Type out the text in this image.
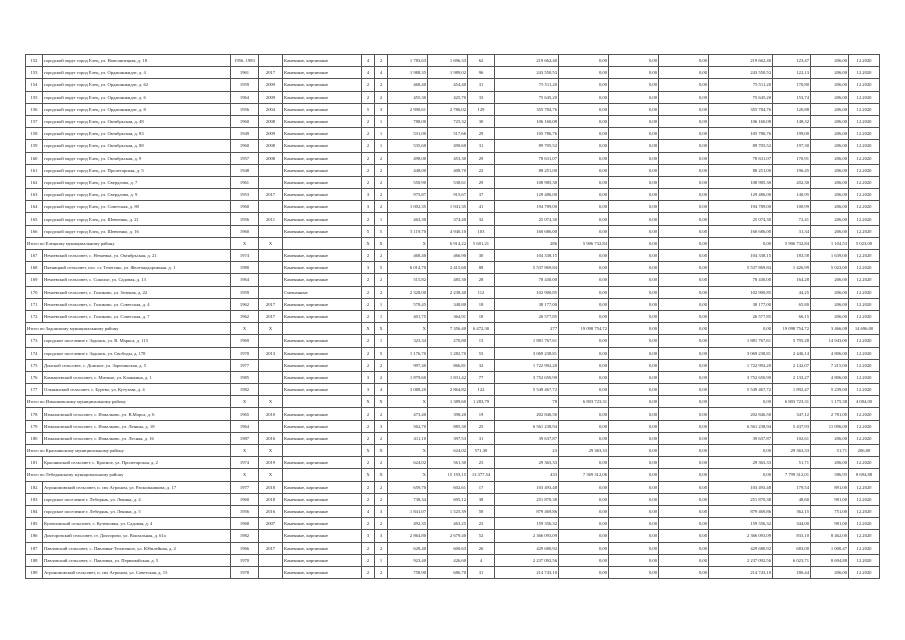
152	городской округ город Елец, ул. Новолипецкая, д. 18	1956, 1983		Каменные, кирпичные	4	2	1 783,63	1 696,33	62	219 662,40	0,00	0,00	0,00	219 662,40	123,47	206,00	12.2020	
153	городской округ город Елец, ул. Орджоникидзе, д. 4	1961	2017	Каменные, кирпичные	4	4	1 988,35	1 989,02	96	243 550,53	0,00	0,00	0,00	243 550,53	122,13	206,00	12.2020	
154	городской округ город Елец, ул. Орджоникидзе, д. 62	1959	2009	Каменные, кирпичные	2	2	468,40	454,40	31	75 511,20	0,00	0,00	0,00	75 511,20	170,80	206,00	12.2020	
155	городской округ город Елец, ул. Орджоникидзе, д. 6	1964	2009	Каменные, кирпичные	2	2	455,30	425,70	33	75 645,20	0,00	0,00	0,00	75 645,20	153,74	206,00	12.2020	
156	городской округ город Елец, ул. Орджоникидзе, д. 8	1956	2004	Каменные, кирпичные	5	3	2 990,61	2 786,02	129	355 784,76	0,00	0,00	0,00	355 784,76	120,88	206,00	12.2020	
157	городской округ город Елец, ул. Октябрьская, д. 48	1960	2008	Каменные, кирпичные	2	1	788,00	725,32	30	106 160,08	0,00	0,00	0,00	106 160,08	148,32	206,00	12.2020	
158	городской округ город Елец, ул. Октябрьская, д. 83	1949	2009	Каменные, кирпичные	2	1	531,00	517,66	29	105 786,76	0,00	0,00	0,00	105 786,76	199,00	206,00	12.2020	
159	городской округ город Елец, ул. Октябрьская, д. 88	1960	2008	Каменные, кирпичные	2	1	535,60	490,60	31	89 705,52	0,00	0,00	0,00	89 705,52	197,30	206,00	12.2020	
160	городской округ город Елец, ул. Октябрьская, д. 9	1957	2008	Каменные, кирпичные	2	2	498,00	453,30	29	78 631,07	0,00	0,00	0,00	78 631,07	170,91	206,00	12.2020	
161	городской округ город Елец, ул. Пролетарская, д. 5	1948		Каменные, кирпичные	2	2	448,00	408,70	22	88 251,00	0,00	0,00	0,00	88 251,00	196,45	206,00	12.2020	
162	городской округ город Елец, ул. Свердлова, д. 7	1961		Каменные, кирпичные	2	2	550,90	538,61	29	108 985,30	0,00	0,00	0,00	108 985,30	202,30	206,00	12.2020	
163	городской округ город Елец, ул. Свердлова, д. 9	1953	2017	Каменные, кирпичные	3	2	975,87	915,67	37	129 486,00	0,00	0,00	0,00	129 486,00	140,95	206,00	12.2020	
164	городской округ город Елец, ул. Советская, д. 80	1960		Каменные, кирпичные	3	2	1 002,35	1 941,35	41	194 789,00	0,00	0,00	0,00	194 789,00	100,99	206,00	12.2020	
165	городской округ город Елец, ул. Шевченко, д. 21	1956	2011	Каменные, кирпичные	2	1	463,30	374,40	32	25 074,30	0,00	0,00	0,00	25 074,30	72,41	206,00	12.2020	
166	городской округ город Елец, ул. Шевченко, д. 16	1960		Каменные, кирпичные	5	5	5 119,70	4 940,10	103	160 686,00	0,00	0,00	0,00	160 686,00	31,34	206,00	12.2020	
Итого по Елецкому муниципальному району		X	X		X	X	X	6 914,22	5 601,21	286	5 906 732,84	0,00	0,00	0,00	5 906 732,84	1 104,53	5 023,00	
167	Нечаевский сельсовет, с. Нечаевка, ул. Октябрьская, д. 21	1974		Каменные, кирпичные	2	2	468,40	466,90	30	104 338,15	0,00	0,00	0,00	104 338,15	183,58	1 639,00	12.2020	
168	Пятницкий сельсовет, пос. ст. Телегино, ул. Железнодорожная, д. 1	1980		Каменные, кирпичные	3	5	6 014,70	2 415,60	88	5 537 869,84	0,00	0,00	0,00	5 537 869,84	1 426,99	5 023,00	12.2020	
169	Нечаевский сельсовет, с. Соколье, ул. Садовая, д. 13	1964		Каменные, кирпичные	2	2	515,82	485,30	28	78 430,00	0,00	0,00	0,00	78 430,00	164,28	206,00	12.2020	
170	Нечаевский сельсовет, с. Голиково, ул. Зеленая, д. 22	1959		Смешанные	2	2	2 328,00	2 238,40	112	102 900,85	0,00	0,00	0,00	102 900,85	44,25	206,00	12.2020	
171	Нечаевский сельсовет, с. Голиково, ул. Советская, д. 4	1962	2017	Каменные, кирпичные	2	1	578,45	348,80	18	38 177,00	0,00	0,00	0,00	38 177,00	65,80	206,00	12.2020	
172	Нечаевский сельсовет, с. Голиково, ул. Советская, д. 7	1962	2017	Каменные, кирпичные	2	1	401,75	364,91	18	26 577,85	0,00	0,00	0,00	26 577,85	66,15	206,00	12.2020	
Итого по Задонскому муниципальному району		X	X		X	X	X	7 356,40	6 472,30	277	19 098 754,72	0,00	0,00	0,00	19 098 754,72	3 466,08	14 696,00	
173	городское поселение г. Задонск, ул. В. Маркса, д. 113	1969		Каменные, кирпичные	2	1	323,34	270,80	13	1 881 767,61	0,00	0,00	0,00	1 881 767,61	5 795,28	14 943,00	12.2020	
174	городское поселение г. Задонск, ул. Свободы, д. 178	1970	2013	Каменные, кирпичные	2	5	1 176,70	1 282,70	53	3 069 238,81	0,00	0,00	0,00	3 069 238,81	2 446,14	4 806,00	12.2020	
175	Донской сельсовет, с. Донское, ул. Зарочинская, д. 5	1977		Каменные, кирпичные	2	2	997,40	866,81	32	1 722 992,20	0,00	0,00	0,00	1 722 992,20	2 142,07	7 215,00	12.2020	
176	Камышевский сельсовет, с. Митино, ул. Клинкина, д. 1	1985		Каменные, кирпичные	3	2	1 879,60	1 831,42	77	3 752 650,90	0,00	0,00	0,00	3 752 650,90	2 133,27	4 806,00	12.2020	
177	Ольшанский сельсовет, с. Бурево, ул. Кутузова, д. 4	1982		Каменные, кирпичные	3	4	3 088,20	2 864,82	122	5 549 467,72	0,00	0,00	0,00	5 549 467,72	1 892,47	5 239,00	12.2020	
Итого по Измалковскому муниципальному району		X	X		X	X	X	1 389,60	1 283,79	78	6 803 723,31	0,00	0,00	0,00	6 803 723,31	1 175,38	4 004,00	
178	Измалковский сельсовет, с. Измалково, ул. В.Марса, д. 6	1965	2010	Каменные, кирпичные	2	2	473,40	398,20	19	202 846,50	0,00	0,00	0,00	202 846,50	347,12	2 781,00	12.2020	
179	Измалковский сельсовет, с. Измалково, ул. Ленина, д. 18	1964		Каменные, кирпичные	2	3	562,70	885,30	25	6 561 238,94	0,00	0,00	0,00	6 561 238,94	5 437,93	11 096,00	12.2020	
180	Измалковский сельсовет, с. Измалково, ул. Лесная, д. 16	1987	2016	Каменные, кирпичные	2	2	411,10	397,53	31	39 637,87	0,00	0,00	0,00	39 637,87	102,61	206,00	12.2020	
Итого по Краснинскому муниципальному району		X	X		X	X	X	624,02	571,30	23	29 363,33	0,00	0,00	0,00	29 363,33	51,71	206,00	
181	Краснинский сельсовет, с. Красное, ул. Пролетарская, д. 2	1974	2019	Каменные, кирпичные	2	2	624,02	561,30	23	29 363,33	0,00	0,00	0,00	29 363,33	51,71	206,00	12.2020	
Итого по Лебедянскому муниципальному району		X	X		X	X	X	15 193,15	13 377,54	433	7 369 312,06	0,00	0,00	0,00	7 799 312,01	586,95	8 694,88	
182	Агрономовский сельсовет, п. свх Агроном, ул. Раскольникова, д. 17	1977	2018	Каменные, кирпичные	2	2	659,70	602,61	17	103 493,48	0,00	0,00	0,00	103 493,48	179,54	891,00	12.2020	
183	городское поселение г. Лебедянь, ул. Ленина, д. 4	1960	2018	Каменные, кирпичные	2	2	738,34	695,12	38	251 870,38	0,00	0,00	0,00	251 870,38	48,60	981,00	12.2020	
184	городское поселение г. Лебедянь, ул. Ленина, д. 5	1956	2016	Каменные, кирпичные	4	3	1 841,07	1 525,39	58	879 469,86	0,00	0,00	0,00	879 469,86	362,15	751,00	12.2020	
185	Кулешовский сельсовет, с. Кулешовка, ул. Садовая, д. 4	1968	2007	Каменные, кирпичные	2	2	492,35	463,25	23	159 356,32	0,00	0,00	0,00	159 356,32	344,00	981,00	12.2020	
186	Докторовский сельсовет, ст. Докторово, ул. Вокзальная, д. 61а	1982		Каменные, кирпичные	3	3	2 864,80	2 679,40	52	2 366 093,09	0,00	0,00	0,00	2 366 093,09	833,10	8 462,00	12.2020	
187	Павловский сельсовет, с. Павловка-Тепличное, ул. Юбилейная, д. 2	1966	2017	Каменные, кирпичные	2	2	628,40	600,63	26	429 680,92	0,00	0,00	0,00	429 680,92	683,00	1 000,47	12.2020	
188	Павловский сельсовет, с. Павловка, ул. Первомайская, д. 5	1970		Каменные, кирпичные	2	1	923,40	426,60	4	2 237 092,56	0,00	0,00	0,00	2 237 092,56	6 023,71	8 694,88	12.2020	
189	Агрономовский сельсовет, п. свх Агроном, ул. Советская, д. 15	1978		Каменные, кирпичные	2	2	758,90	686,70	31	214 743,10	0,00	0,00	0,00	214 743,10	186,44	206,00	12.2020	
